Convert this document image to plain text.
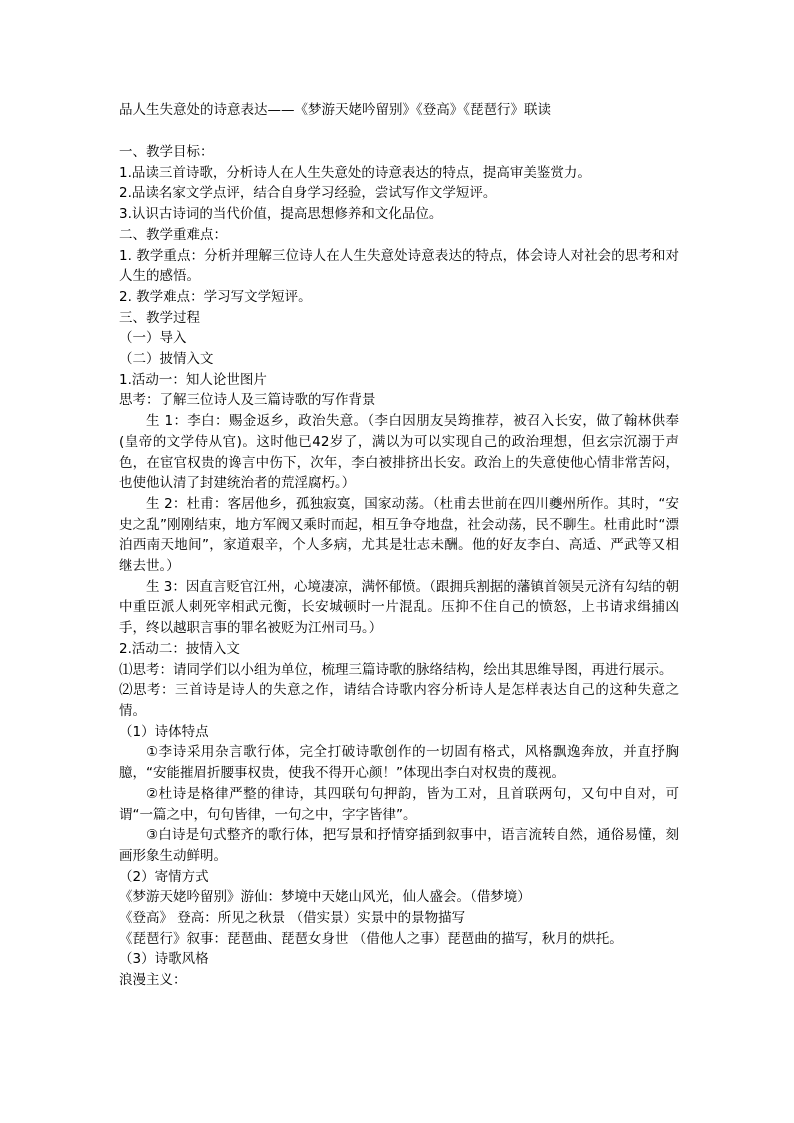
品人生失意处的诗意表达——《梦游天姥吟留别》《登高》《琵琶行》联读

一、教学目标：

1.品读三首诗歌，分析诗人在人生失意处的诗意表达的特点，提高审美鉴赏力。

2.品读名家文学点评，结合自身学习经验，尝试写作文学短评。

3.认识古诗词的当代价值，提高思想修养和文化品位。

二、教学重难点：

1. 教学重点：分析并理解三位诗人在人生失意处诗意表达的特点，体会诗人对社会的思考和对人生的感悟。

2. 教学难点：学习写文学短评。

三、教学过程

（一）导入

（二）披情入文

1.活动一：知人论世图片

思考：了解三位诗人及三篇诗歌的写作背景

生 1：李白：赐金返乡，政治失意。（李白因朋友吴筠推荐，被召入长安，做了翰林供奉(皇帝的文学侍从官)。这时他已42岁了，满以为可以实现自己的政治理想，但玄宗沉溺于声色，在宦官权贵的谗言中伤下，次年，李白被排挤出长安。政治上的失意使他心情非常苦闷，也使他认清了封建统治者的荒淫腐朽。）

生 2：杜甫：客居他乡，孤独寂寞，国家动荡。（杜甫去世前在四川夔州所作。其时，“安史之乱”刚刚结束，地方军阀又乘时而起，相互争夺地盘，社会动荡，民不聊生。杜甫此时“漂泊西南天地间”，家道艰辛，个人多病，尤其是壮志未酬。他的好友李白、高适、严武等又相继去世。）

生 3：因直言贬官江州，心境凄凉，满怀郁愤。（跟拥兵割据的藩镇首领吴元济有勾结的朝中重臣派人刺死宰相武元衡，长安城顿时一片混乱。压抑不住自己的愤怒，上书请求缉捕凶手，终以越职言事的罪名被贬为江州司马。）

2.活动二：披情入文

⑴思考：请同学们以小组为单位，梳理三篇诗歌的脉络结构，绘出其思维导图，再进行展示。

⑵思考：三首诗是诗人的失意之作，请结合诗歌内容分析诗人是怎样表达自己的这种失意之情。

（1）诗体特点

①李诗采用杂言歌行体，完全打破诗歌创作的一切固有格式，风格飘逸奔放，并直抒胸臆，“安能摧眉折腰事权贵，使我不得开心颜！”体现出李白对权贵的蔑视。

②杜诗是格律严整的律诗，其四联句句押韵，皆为工对，且首联两句，又句中自对，可谓“一篇之中，句句皆律，一句之中，字字皆律”。

③白诗是句式整齐的歌行体，把写景和抒情穿插到叙事中，语言流转自然，通俗易懂，刻画形象生动鲜明。

（2）寄情方式

《梦游天姥吟留别》游仙：梦境中天姥山风光，仙人盛会。（借梦境）

《登高》 登高：所见之秋景 （借实景）实景中的景物描写

《琵琶行》叙事：琵琶曲、琵琶女身世 （借他人之事）琵琶曲的描写，秋月的烘托。

（3）诗歌风格

浪漫主义：
